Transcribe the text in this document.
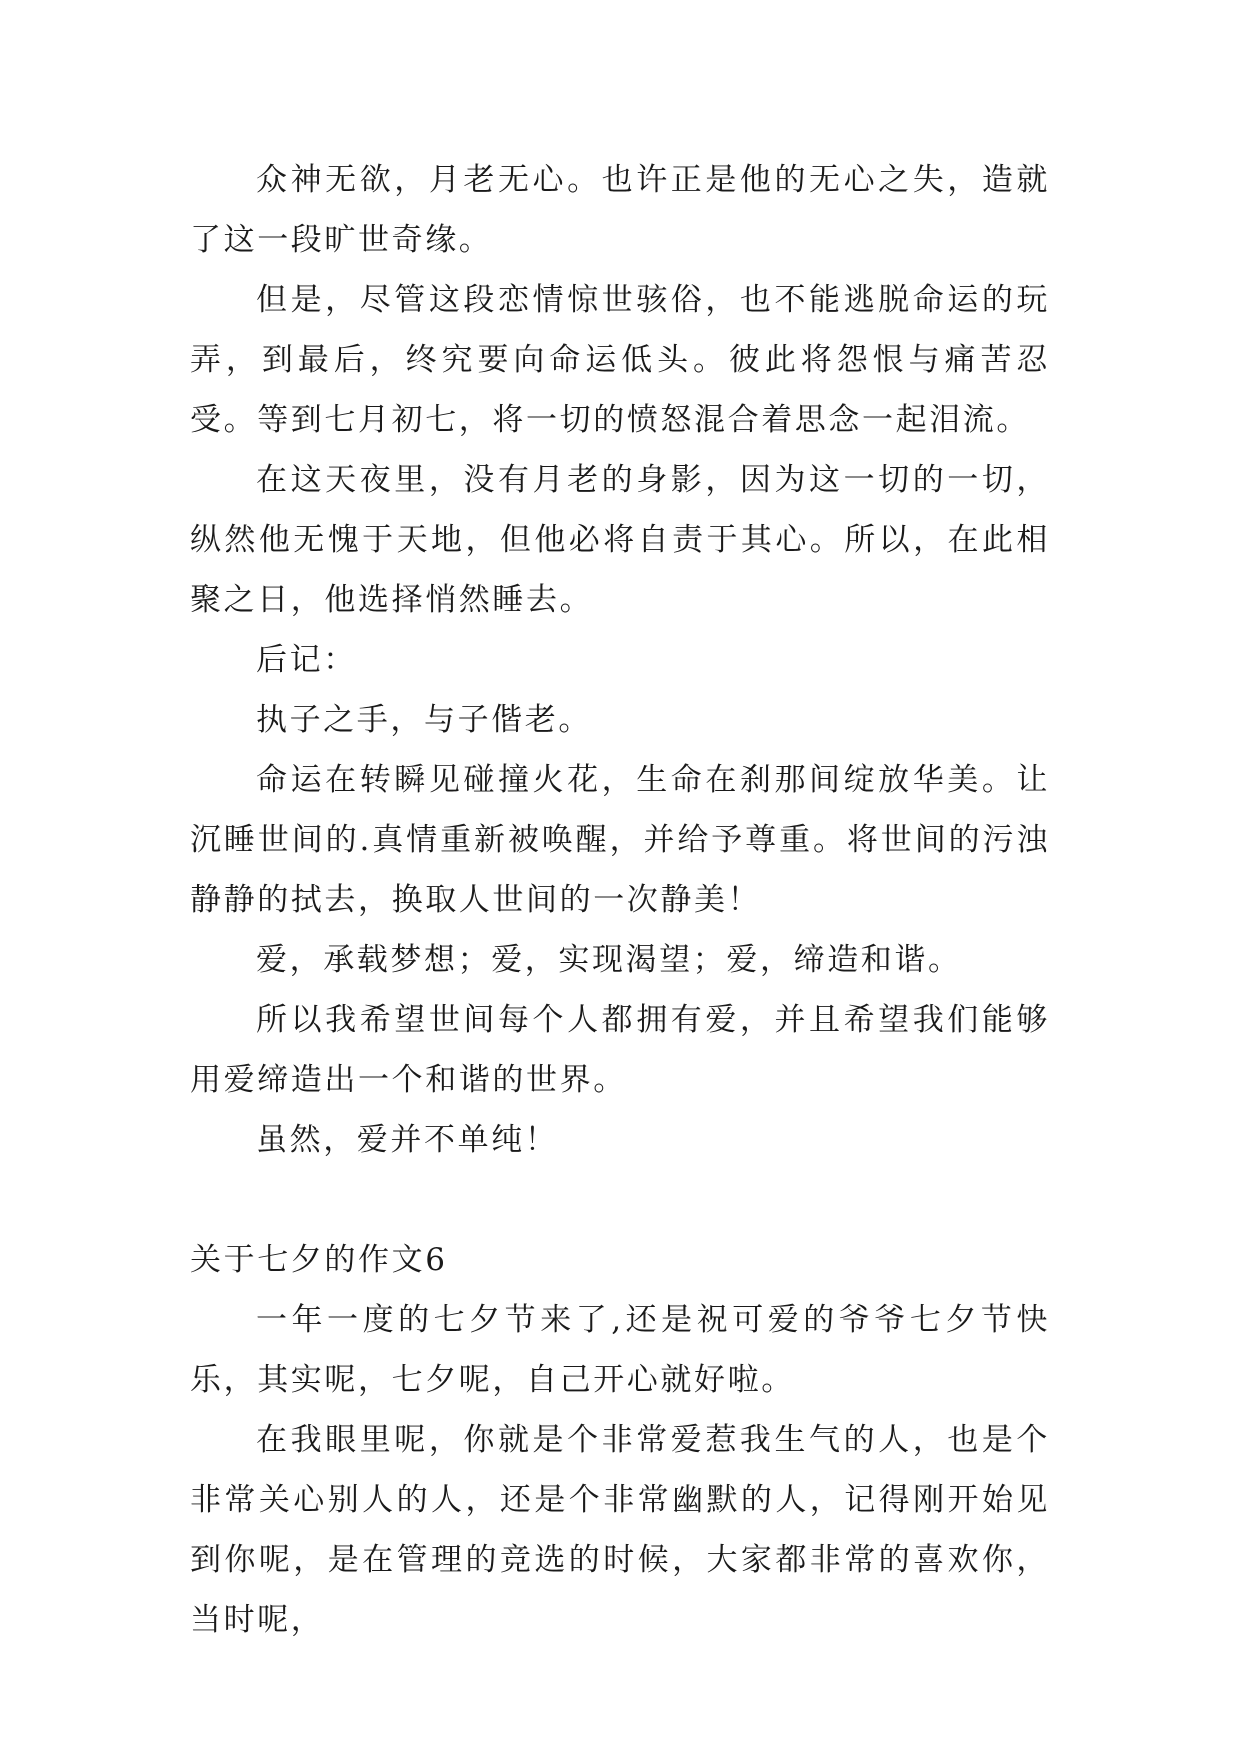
众神无欲，月老无心。也许正是他的无心之失，造就了这一段旷世奇缘。

但是，尽管这段恋情惊世骇俗，也不能逃脱命运的玩弄，到最后，终究要向命运低头。彼此将怨恨与痛苦忍受。等到七月初七，将一切的愤怒混合着思念一起泪流。

在这天夜里，没有月老的身影，因为这一切的一切，纵然他无愧于天地，但他必将自责于其心。所以，在此相聚之日，他选择悄然睡去。

后记：

执子之手，与子偕老。

命运在转瞬见碰撞火花，生命在刹那间绽放华美。让沉睡世间的.真情重新被唤醒，并给予尊重。将世间的污浊静静的拭去，换取人世间的一次静美！

爱，承载梦想；爱，实现渴望；爱，缔造和谐。

所以我希望世间每个人都拥有爱，并且希望我们能够用爱缔造出一个和谐的世界。

虽然，爱并不单纯！

关于七夕的作文6

一年一度的七夕节来了,还是祝可爱的爷爷七夕节快乐，其实呢，七夕呢，自己开心就好啦。

在我眼里呢，你就是个非常爱惹我生气的人，也是个非常关心别人的人，还是个非常幽默的人，记得刚开始见到你呢，是在管理的竞选的时候，大家都非常的喜欢你，当时呢，
